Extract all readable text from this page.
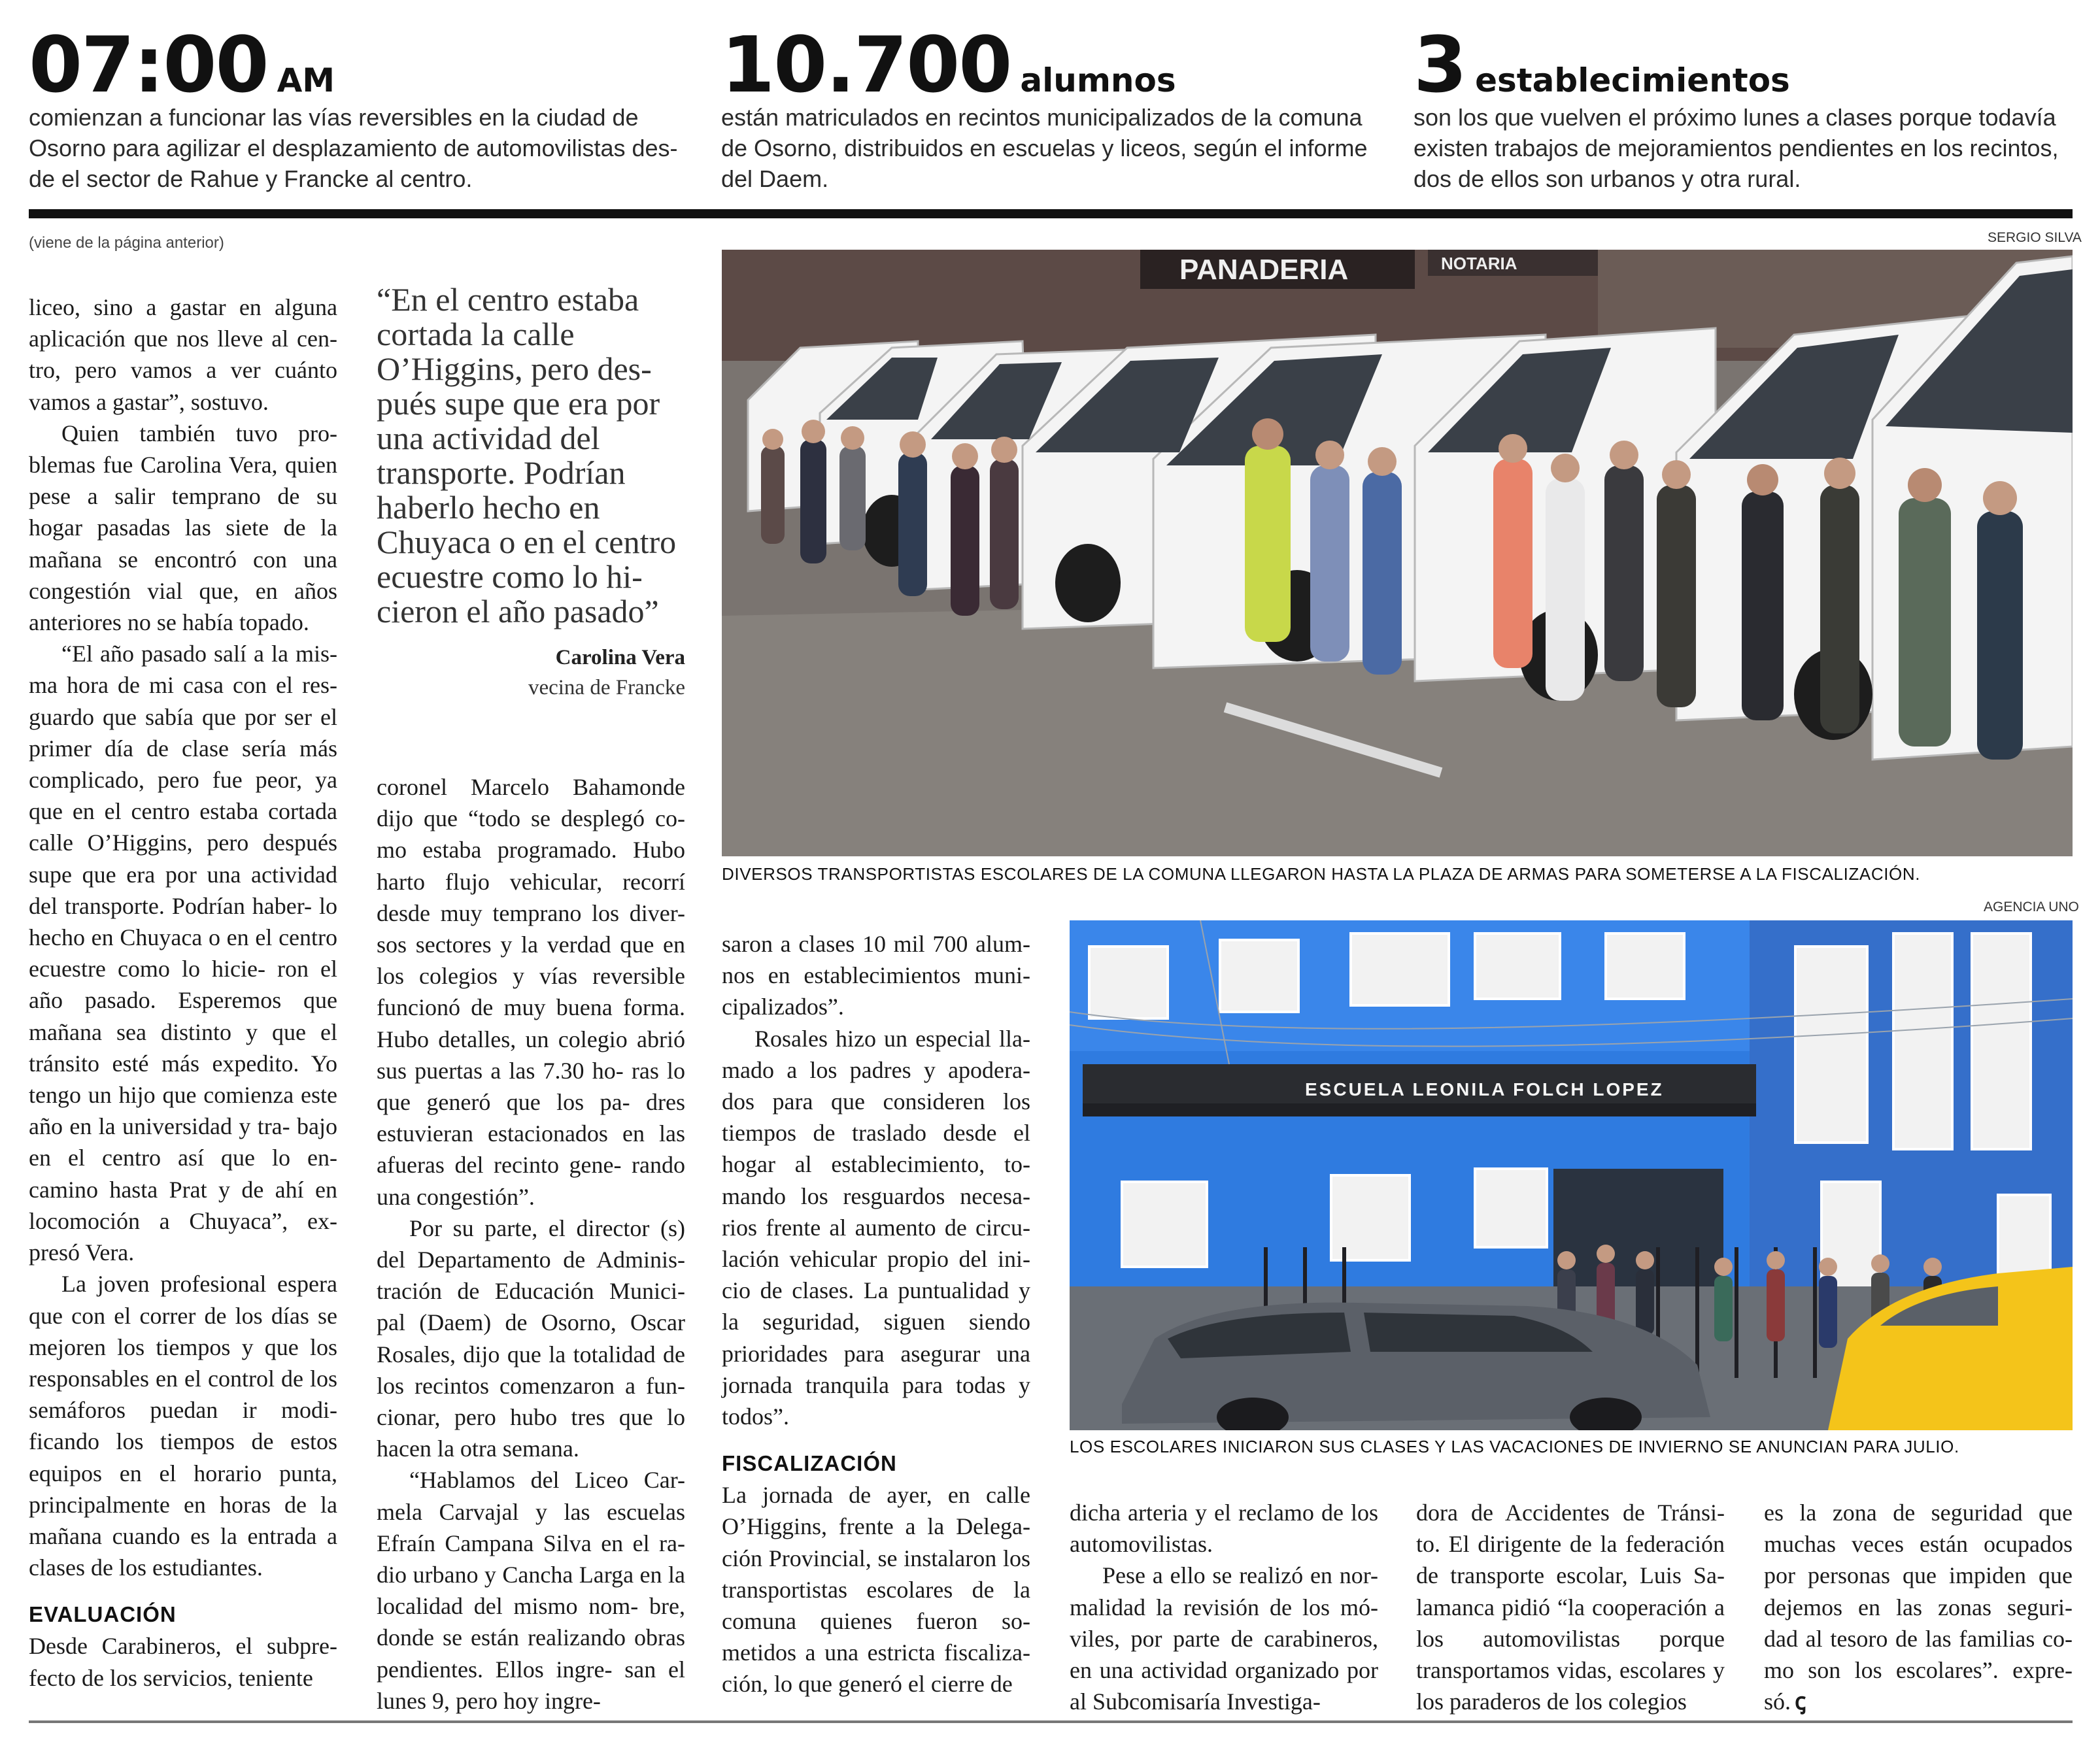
07:00 AM
comienzan a funcionar las vías reversibles en la ciudad de
Osorno para agilizar el desplazamiento de automovilistas des-
de el sector de Rahue y Francke al centro.
10.700 alumnos
están matriculados en recintos municipalizados de la comuna
de Osorno, distribuidos en escuelas y liceos, según el informe
del Daem.
3 establecimientos
son los que vuelven el próximo lunes a clases porque todavía
existen trabajos de mejoramientos pendientes en los recintos,
dos de ellos son urbanos y otra rural.
(viene de la página anterior)	SERGIO SILVA
PANADERIA	NOTARIA
DIVERSOS TRANSPORTISTAS ESCOLARES DE LA COMUNA LLEGARON HASTA LA PLAZA DE ARMAS PARA SOMETERSE A LA FISCALIZACIÓN.
AGENCIA UNO
ESCUELA LEONILA FOLCH LOPEZ
LOS ESCOLARES INICIARON SUS CLASES Y LAS VACACIONES DE INVIERNO SE ANUNCIAN PARA JULIO.
“En el centro estaba
cortada la calle
O’Higgins, pero des-
pués supe que era por
una actividad del
transporte. Podrían
haberlo hecho en
Chuyaca o en el centro
ecuestre como lo hi-
cieron el año pasado”
Carolina Vera
vecina de Francke

liceo, sino a gastar en alguna aplicación que nos lleve al cen- tro, pero vamos a ver cuánto vamos a gastar”, sostuvo.

Quien también tuvo pro- blemas fue Carolina Vera, quien pese a salir temprano de su hogar pasadas las siete de la mañana se encontró con una congestión vial que, en años anteriores no se había topado.

“El año pasado salí a la mis- ma hora de mi casa con el res- guardo que sabía que por ser el primer día de clase sería más complicado, pero fue peor, ya que en el centro estaba cortada calle O’Higgins, pero después supe que era por una actividad del transporte. Podrían haber- lo hecho en Chuyaca o en el centro ecuestre como lo hicie- ron el año pasado. Esperemos que mañana sea distinto y que el tránsito esté más expedito. Yo tengo un hijo que comienza este año en la universidad y tra- bajo en el centro así que lo en- camino hasta Prat y de ahí en locomoción a Chuyaca”, ex- presó Vera.

La joven profesional espera que con el correr de los días se mejoren los tiempos y que los responsables en el control de los semáforos puedan ir modi- ficando los tiempos de estos equipos en el horario punta, principalmente en horas de la mañana cuando es la entrada a clases de los estudiantes.

EVALUACIÓN

Desde Carabineros, el subpre- fecto de los servicios, teniente

coronel Marcelo Bahamonde dijo que “todo se desplegó co- mo estaba programado. Hubo harto flujo vehicular, recorrí desde muy temprano los diver- sos sectores y la verdad que en los colegios y vías reversible funcionó de muy buena forma. Hubo detalles, un colegio abrió sus puertas a las 7.30 ho- ras lo que generó que los pa- dres estuvieran estacionados en las afueras del recinto gene- rando una congestión”.

Por su parte, el director (s) del Departamento de Adminis- tración de Educación Munici- pal (Daem) de Osorno, Oscar Rosales, dijo que la totalidad de los recintos comenzaron a fun- cionar, pero hubo tres que lo hacen la otra semana.

“Hablamos del Liceo Car- mela Carvajal y las escuelas Efraín Campana Silva en el ra- dio urbano y Cancha Larga en la localidad del mismo nom- bre, donde se están realizando obras pendientes. Ellos ingre- san el lunes 9, pero hoy ingre-

saron a clases 10 mil 700 alum- nos en establecimientos muni- cipalizados”.

Rosales hizo un especial lla- mado a los padres y apodera- dos para que consideren los tiempos de traslado desde el hogar al establecimiento, to- mando los resguardos necesa- rios frente al aumento de circu- lación vehicular propio del ini- cio de clases. La puntualidad y la seguridad, siguen siendo prioridades para asegurar una jornada tranquila para todas y todos”.

FISCALIZACIÓN

La jornada de ayer, en calle O’Higgins, frente a la Delega- ción Provincial, se instalaron los transportistas escolares de la comuna quienes fueron so- metidos a una estricta fiscaliza- ción, lo que generó el cierre de

dicha arteria y el reclamo de los automovilistas.

Pese a ello se realizó en nor- malidad la revisión de los mó- viles, por parte de carabineros, en una actividad organizado por al Subcomisaría Investiga-

dora de Accidentes de Tránsi- to. El dirigente de la federación de transporte escolar, Luis Sa- lamanca pidió “la cooperación a los automovilistas porque transportamos vidas, escolares y los paraderos de los colegios

es la zona de seguridad que muchas veces están ocupados por personas que impiden que dejemos en las zonas seguri- dad al tesoro de las familias co- mo son los escolares”. expre- só. ꞔ
